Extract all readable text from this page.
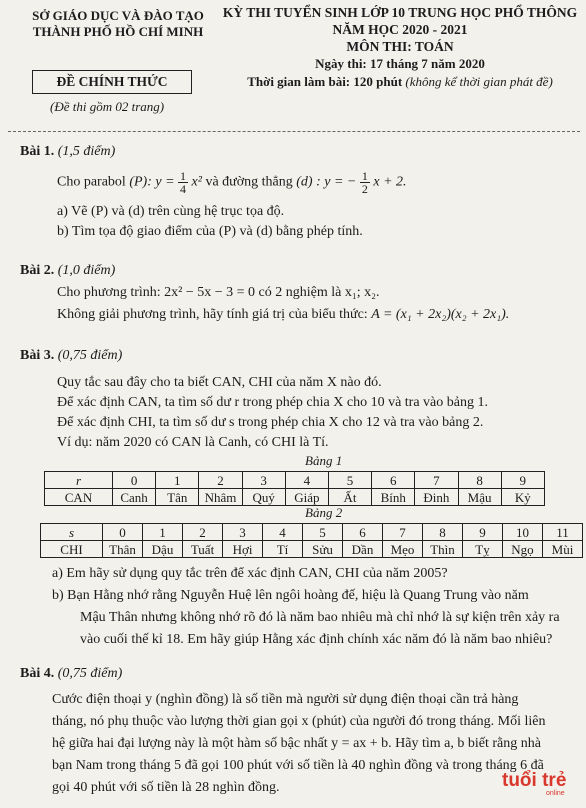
SỞ GIÁO DỤC VÀ ĐÀO TẠO
THÀNH PHỐ HỒ CHÍ MINH
ĐỀ CHÍNH THỨC
(Đề thi gồm 02 trang)
KỲ THI TUYỂN SINH LỚP 10 TRUNG HỌC PHỔ THÔNG
NĂM HỌC 2020 - 2021
MÔN THI: TOÁN
Ngày thi: 17 tháng 7 năm 2020
Thời gian làm bài: 120 phút (không kể thời gian phát đề)
Bài 1. (1,5 điểm)
Cho parabol (P): $y = \frac{1}{4} x^2$ và đường thẳng (d) : y = − $\frac{1}{2}$ x + 2.
a) Vẽ (P) và (d) trên cùng hệ trục tọa độ.
b) Tìm tọa độ giao điểm của (P) và (d) bằng phép tính.
Bài 2. (1,0 điểm)
Cho phương trình: 2x² − 5x − 3 = 0 có 2 nghiệm là x₁; x₂.
Không giải phương trình, hãy tính giá trị của biểu thức: A = (x₁ + 2x₂)(x₂ + 2x₁).
Bài 3. (0,75 điểm)
Quy tắc sau đây cho ta biết CAN, CHI của năm X nào đó.
Để xác định CAN, ta tìm số dư r trong phép chia X cho 10 và tra vào bảng 1.
Để xác định CHI, ta tìm số dư s trong phép chia X cho 12 và tra vào bảng 2.
Ví dụ: năm 2020 có CAN là Canh, có CHI là Tí.
Bảng 1
r	0	1	2	3	4	5	6	7	8	9
CAN	Canh	Tân	Nhâm	Quý	Giáp	Ất	Bính	Đinh	Mậu	Kỷ
Bảng 2
s	0	1	2	3	4	5	6	7	8	9	10	11
CHI	Thân	Dậu	Tuất	Hợi	Tí	Sửu	Dần	Mẹo	Thìn	Tỵ	Ngọ	Mùi
a) Em hãy sử dụng quy tắc trên để xác định CAN, CHI của năm 2005?
b) Bạn Hằng nhớ rằng Nguyễn Huệ lên ngôi hoàng đế, hiệu là Quang Trung vào năm
Mậu Thân nhưng không nhớ rõ đó là năm bao nhiêu mà chỉ nhớ là sự kiện trên xảy ra
vào cuối thế kỉ 18. Em hãy giúp Hằng xác định chính xác năm đó là năm bao nhiêu?
Bài 4. (0,75 điểm)
Cước điện thoại y (nghìn đồng) là số tiền mà người sử dụng điện thoại cần trả hàng
tháng, nó phụ thuộc vào lượng thời gian gọi x (phút) của người đó trong tháng. Mối liên
hệ giữa hai đại lượng này là một hàm số bậc nhất y = ax + b. Hãy tìm a, b biết rằng nhà
bạn Nam trong tháng 5 đã gọi 100 phút với số tiền là 40 nghìn đồng và trong tháng 6 đã
gọi 40 phút với số tiền là 28 nghìn đồng.	tuổi trẻ
online
